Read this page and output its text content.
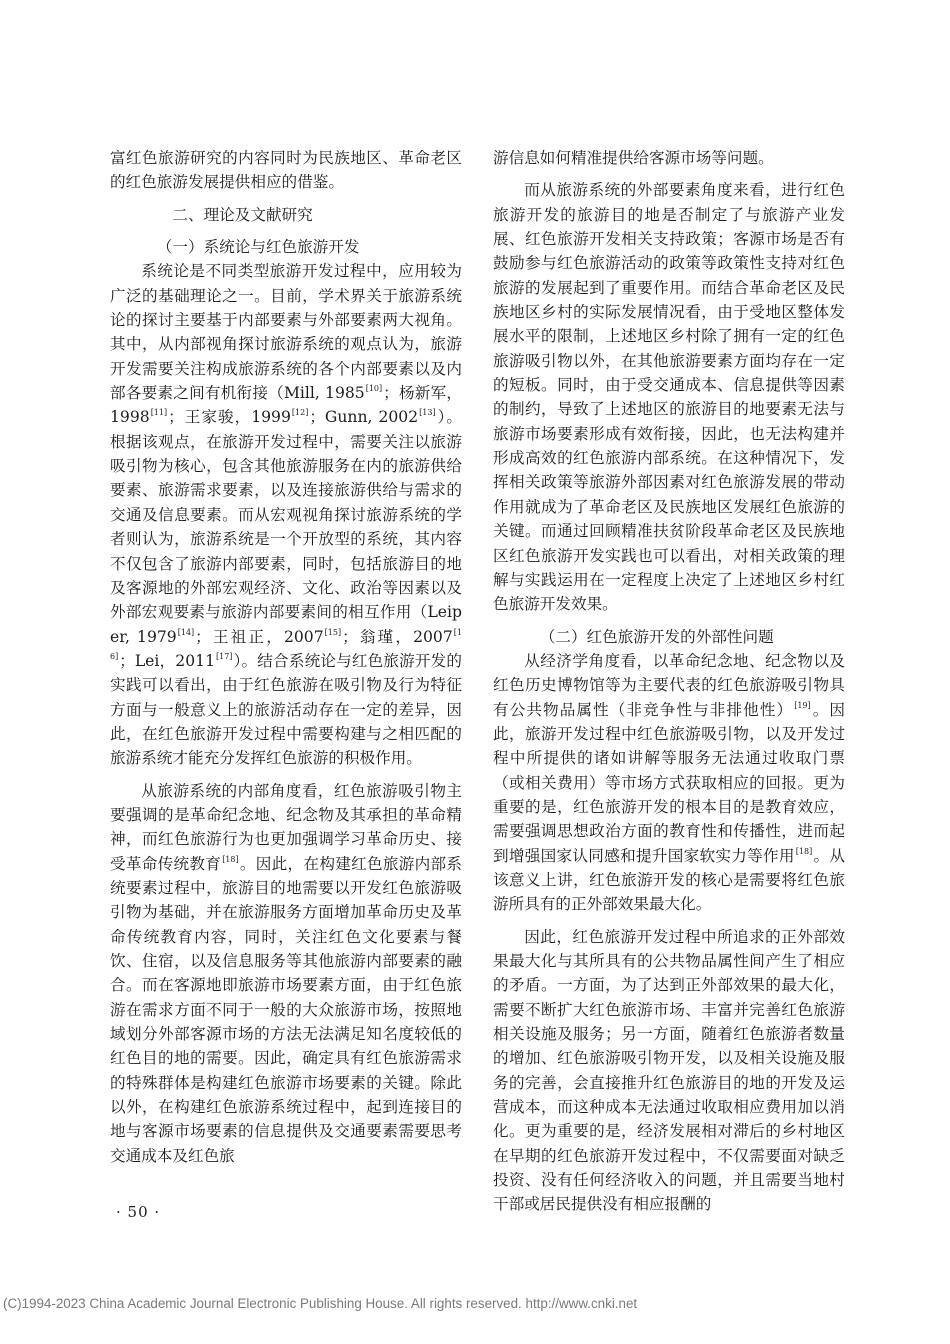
富红色旅游研究的内容同时为民族地区、革命老区的红色旅游发展提供相应的借鉴。

二、理论及文献研究

（一）系统论与红色旅游开发

系统论是不同类型旅游开发过程中，应用较为广泛的基础理论之一。目前，学术界关于旅游系统论的探讨主要基于内部要素与外部要素两大视角。其中，从内部视角探讨旅游系统的观点认为，旅游开发需要关注构成旅游系统的各个内部要素以及内部各要素之间有机衔接（Mill, 1985[10]；杨新军，1998[11]；王家骏，1999[12]；Gunn, 2002[13]）。根据该观点，在旅游开发过程中，需要关注以旅游吸引物为核心，包含其他旅游服务在内的旅游供给要素、旅游需求要素，以及连接旅游供给与需求的交通及信息要素。而从宏观视角探讨旅游系统的学者则认为，旅游系统是一个开放型的系统，其内容不仅包含了旅游内部要素，同时，包括旅游目的地及客源地的外部宏观经济、文化、政治等因素以及外部宏观要素与旅游内部要素间的相互作用（Leiper, 1979[14]；王祖正，2007[15]；翁瑾，2007[16]；Lei，2011[17]）。结合系统论与红色旅游开发的实践可以看出，由于红色旅游在吸引物及行为特征方面与一般意义上的旅游活动存在一定的差异，因此，在红色旅游开发过程中需要构建与之相匹配的旅游系统才能充分发挥红色旅游的积极作用。

从旅游系统的内部角度看，红色旅游吸引物主要强调的是革命纪念地、纪念物及其承担的革命精神，而红色旅游行为也更加强调学习革命历史、接受革命传统教育[18]。因此，在构建红色旅游内部系统要素过程中，旅游目的地需要以开发红色旅游吸引物为基础，并在旅游服务方面增加革命历史及革命传统教育内容，同时，关注红色文化要素与餐饮、住宿，以及信息服务等其他旅游内部要素的融合。而在客源地即旅游市场要素方面，由于红色旅游在需求方面不同于一般的大众旅游市场，按照地域划分外部客源市场的方法无法满足知名度较低的红色目的地的需要。因此，确定具有红色旅游需求的特殊群体是构建红色旅游市场要素的关键。除此以外，在构建红色旅游系统过程中，起到连接目的地与客源市场要素的信息提供及交通要素需要思考交通成本及红色旅

游信息如何精准提供给客源市场等问题。

而从旅游系统的外部要素角度来看，进行红色旅游开发的旅游目的地是否制定了与旅游产业发展、红色旅游开发相关支持政策；客源市场是否有鼓励参与红色旅游活动的政策等政策性支持对红色旅游的发展起到了重要作用。而结合革命老区及民族地区乡村的实际发展情况看，由于受地区整体发展水平的限制，上述地区乡村除了拥有一定的红色旅游吸引物以外，在其他旅游要素方面均存在一定的短板。同时，由于受交通成本、信息提供等因素的制约，导致了上述地区的旅游目的地要素无法与旅游市场要素形成有效衔接，因此，也无法构建并形成高效的红色旅游内部系统。在这种情况下，发挥相关政策等旅游外部因素对红色旅游发展的带动作用就成为了革命老区及民族地区发展红色旅游的关键。而通过回顾精准扶贫阶段革命老区及民族地区红色旅游开发实践也可以看出，对相关政策的理解与实践运用在一定程度上决定了上述地区乡村红色旅游开发效果。

（二）红色旅游开发的外部性问题

从经济学角度看，以革命纪念地、纪念物以及红色历史博物馆等为主要代表的红色旅游吸引物具有公共物品属性（非竞争性与非排他性）[19]。因此，旅游开发过程中红色旅游吸引物，以及开发过程中所提供的诸如讲解等服务无法通过收取门票（或相关费用）等市场方式获取相应的回报。更为重要的是，红色旅游开发的根本目的是教育效应，需要强调思想政治方面的教育性和传播性，进而起到增强国家认同感和提升国家软实力等作用[18]。从该意义上讲，红色旅游开发的核心是需要将红色旅游所具有的正外部效果最大化。

因此，红色旅游开发过程中所追求的正外部效果最大化与其所具有的公共物品属性间产生了相应的矛盾。一方面，为了达到正外部效果的最大化，需要不断扩大红色旅游市场、丰富并完善红色旅游相关设施及服务；另一方面，随着红色旅游者数量的增加、红色旅游吸引物开发，以及相关设施及服务的完善，会直接推升红色旅游目的地的开发及运营成本，而这种成本无法通过收取相应费用加以消化。更为重要的是，经济发展相对滞后的乡村地区在早期的红色旅游开发过程中，不仅需要面对缺乏投资、没有任何经济收入的问题，并且需要当地村干部或居民提供没有相应报酬的

· 50 ·
(C)1994-2023 China Academic Journal Electronic Publishing House. All rights reserved. http://www.cnki.net
